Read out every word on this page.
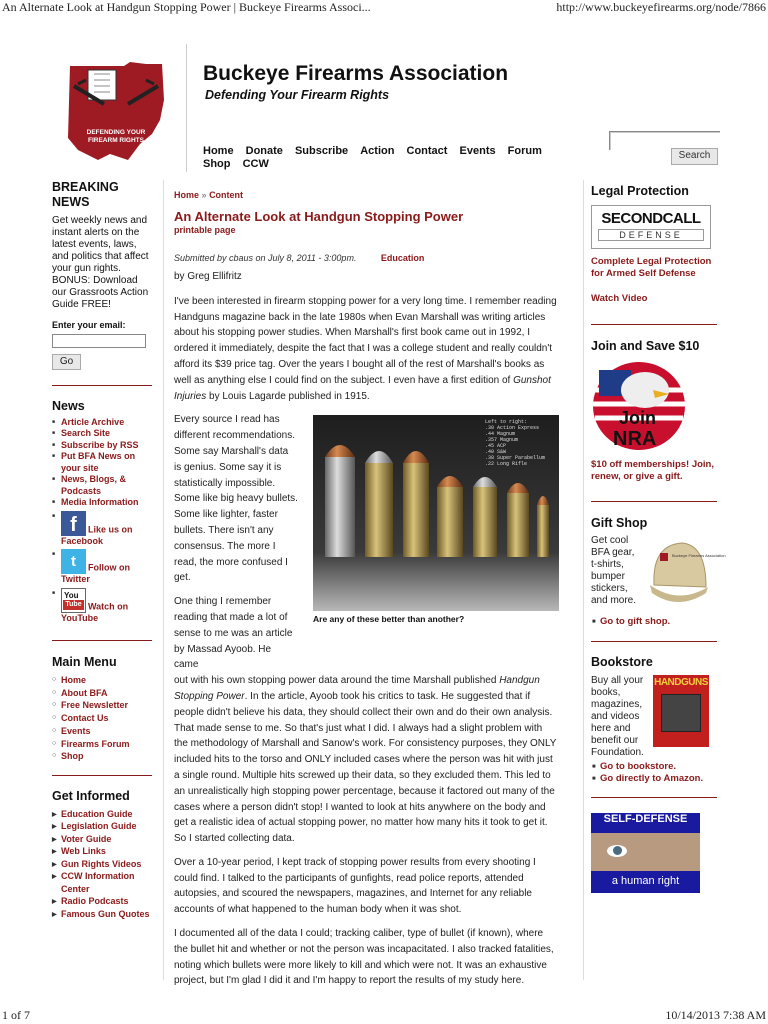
An Alternate Look at Handgun Stopping Power | Buckeye Firearms Associ...	http://www.buckeyefirearms.org/node/7866
DEFENDING YOUR
FIREARM RIGHTS
Buckeye Firearms Association
Defending Your Firearm Rights
Home Donate Subscribe Action Contact Events Forum
Shop CCW
Search
BREAKING NEWS
Get weekly news and instant alerts on the latest events, laws, and politics that affect your gun rights. BONUS: Download our Grassroots Action Guide FREE!
Enter your email:
Go
News
■ Article Archive
■ Search Site
■ Subscribe by RSS
■ Put BFA News on your site
■ News, Blogs, & Podcasts
■ Media Information
■ f Like us on Facebook
■ t Follow on Twitter
■ You
Tube Watch on YouTube
Main Menu
○ Home
○ About BFA
○ Free Newsletter
○ Contact Us
○ Events
○ Firearms Forum
○ Shop
Get Informed
▶ Education Guide
▶ Legislation Guide
▶ Voter Guide
▶ Web Links
▶ Gun Rights Videos
▶ CCW Information Center
▶ Radio Podcasts
▶ Famous Gun Quotes
Home » Content
An Alternate Look at Handgun Stopping Power
printable page
Submitted by cbaus on July 8, 2011 - 3:00pm.	Education
by Greg Ellifritz
I've been interested in firearm stopping power for a very long time. I remember reading Handguns magazine back in the late 1980s when Evan Marshall was writing articles about his stopping power studies. When Marshall's first book came out in 1992, I ordered it immediately, despite the fact that I was a college student and really couldn't afford its $39 price tag. Over the years I bought all of the rest of Marshall's books as well as anything else I could find on the subject. I even have a first edition of Gunshot Injuries by Louis Lagarde published in 1915.
Every source I read has different recommendations. Some say Marshall's data is genius. Some say it is statistically impossible. Some like big heavy bullets. Some like lighter, faster bullets. There isn't any consensus. The more I read, the more confused I get.
One thing I remember reading that made a lot of sense to me was an article by Massad Ayoob. He came
out with his own stopping power data around the time Marshall published Handgun Stopping Power. In the article, Ayoob took his critics to task. He suggested that if people didn't believe his data, they should collect their own and do their own analysis. That made sense to me. So that's just what I did. I always had a slight problem with the methodology of Marshall and Sanow's work. For consistency purposes, they ONLY included hits to the torso and ONLY included cases where the person was hit with just a single round. Multiple hits screwed up their data, so they excluded them. This led to an unrealistically high stopping power percentage, because it factored out many of the cases where a person didn't stop! I wanted to look at hits anywhere on the body and get a realistic idea of actual stopping power, no matter how many hits it took to get it. So I started collecting data.
Over a 10-year period, I kept track of stopping power results from every shooting I could find. I talked to the participants of gunfights, read police reports, attended autopsies, and scoured the newspapers, magazines, and Internet for any reliable accounts of what happened to the human body when it was shot.
I documented all of the data I could; tracking caliber, type of bullet (if known), where the bullet hit and whether or not the person was incapacitated. I also tracked fatalities, noting which bullets were more likely to kill and which were not. It was an exhaustive project, but I'm glad I did it and I'm happy to report the results of my study here.
Left to right:
.30 Action Express
.44 Magnum
.357 Magnum
.45 ACP
.40 S&W
.38 Super Parabellum
.22 Long Rifle
Are any of these better than another?
Legal Protection
SECONDCALL
DEFENSE
Complete Legal Protection for Armed Self Defense
Watch Video
Join and Save $10
Join
NRA
$10 off memberships! Join, renew, or give a gift.
Gift Shop
Get cool BFA gear, t-shirts, bumper stickers, and more.
Buckeye Firearms Association
■ Go to gift shop.
Bookstore
Buy all your books, magazines, and videos here and benefit our Foundation.
HANDGUNS
■ Go to bookstore.
■ Go directly to Amazon.
SELF-DEFENSE
a human right
1 of 7	10/14/2013 7:38 AM
